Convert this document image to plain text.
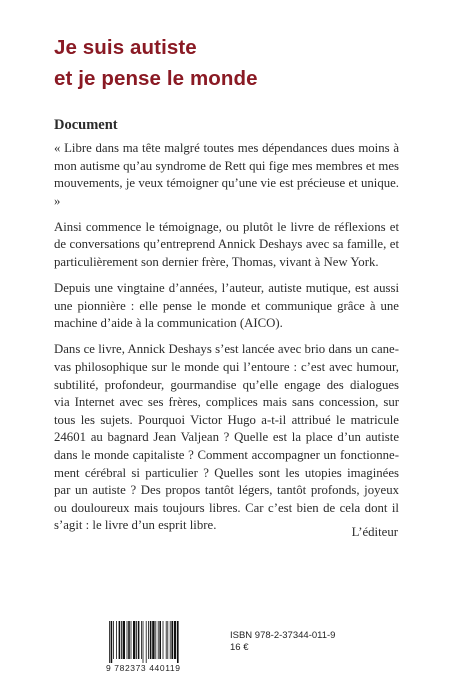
Je suis autiste
et je pense le monde
Document

« Libre dans ma tête malgré toutes mes dépendances dues moins à mon autisme qu’au syndrome de Rett qui fige mes membres et mes mouvements, je veux témoigner qu’une vie est précieuse et unique. »

Ainsi commence le témoignage, ou plutôt le livre de réflexions et de conversations qu’entreprend Annick Deshays avec sa famille, et particulièrement son dernier frère, Thomas, vivant à New York.

Depuis une vingtaine d’années, l’auteur, autiste mutique, est aussi une pionnière : elle pense le monde et communique grâce à une machine d’aide à la communication (AICO).

Dans ce livre, Annick Deshays s’est lancée avec brio dans un canevas philosophique sur le monde qui l’entoure : c’est avec humour, subtilité, profondeur, gourmandise qu’elle engage des dialogues via Internet avec ses frères, complices mais sans concession, sur tous les sujets. Pourquoi Victor Hugo a-t-il attribué le matricule 24601 au bagnard Jean Valjean ? Quelle est la place d’un autiste dans le monde capitaliste ? Comment accompagner un fonctionnement cérébral si particulier ? Quelles sont les utopies imaginées par un autiste ? Des propos tantôt légers, tantôt profonds, joyeux ou douloureux mais toujours libres. Car c’est bien de cela dont il s’agit : le livre d’un esprit libre.	L’éditeur
9 782373 440119
ISBN 978-2-37344-011-9
16 €
